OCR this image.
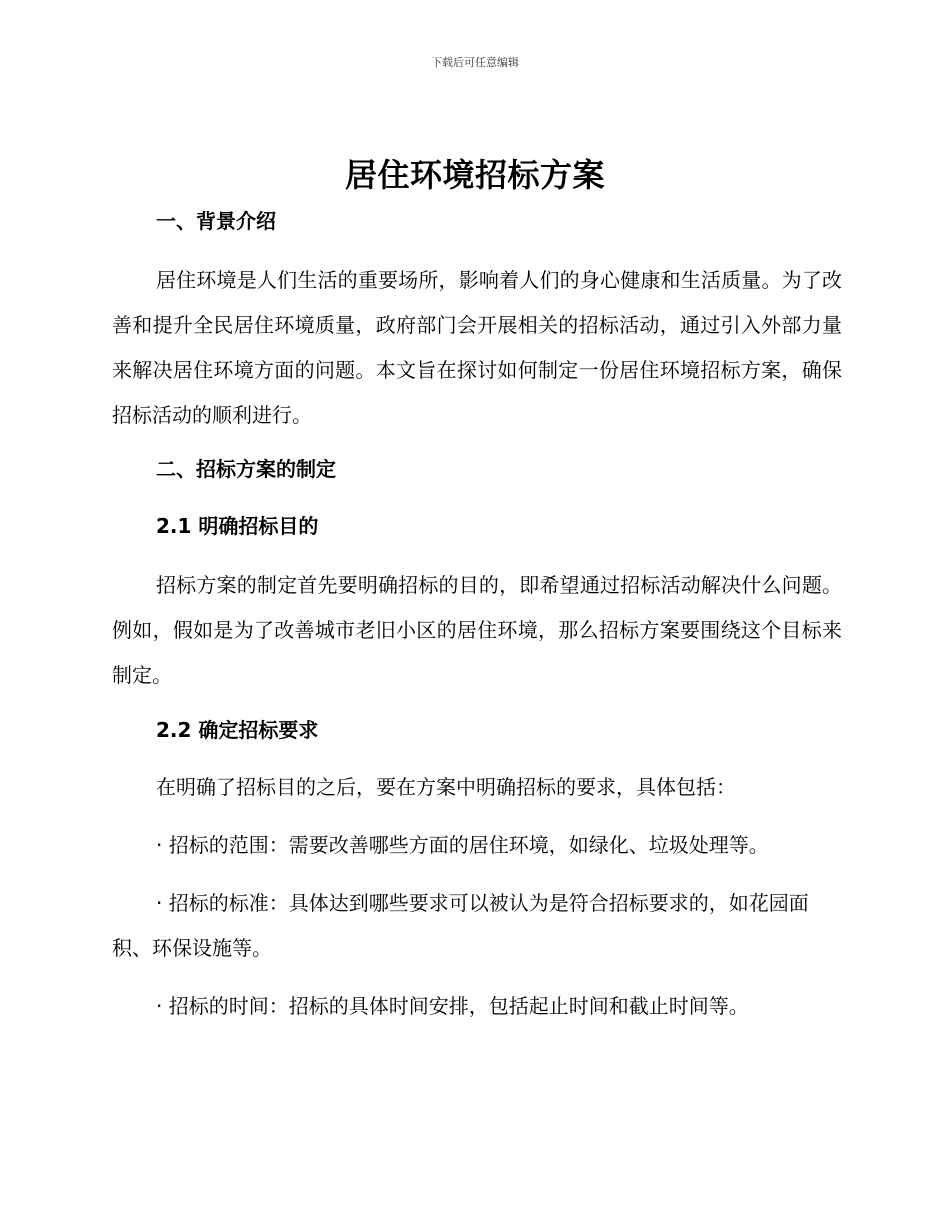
下载后可任意编辑
居住环境招标方案
一、背景介绍

居住环境是人们生活的重要场所，影响着人们的身心健康和生活质量。为了改善和提升全民居住环境质量，政府部门会开展相关的招标活动，通过引入外部力量来解决居住环境方面的问题。本文旨在探讨如何制定一份居住环境招标方案，确保招标活动的顺利进行。

二、招标方案的制定
2.1 明确招标目的

招标方案的制定首先要明确招标的目的，即希望通过招标活动解决什么问题。例如，假如是为了改善城市老旧小区的居住环境，那么招标方案要围绕这个目标来制定。

2.2 确定招标要求

在明确了招标目的之后，要在方案中明确招标的要求，具体包括：

· 招标的范围：需要改善哪些方面的居住环境，如绿化、垃圾处理等。

· 招标的标准：具体达到哪些要求可以被认为是符合招标要求的，如花园面积、环保设施等。

· 招标的时间：招标的具体时间安排，包括起止时间和截止时间等。
